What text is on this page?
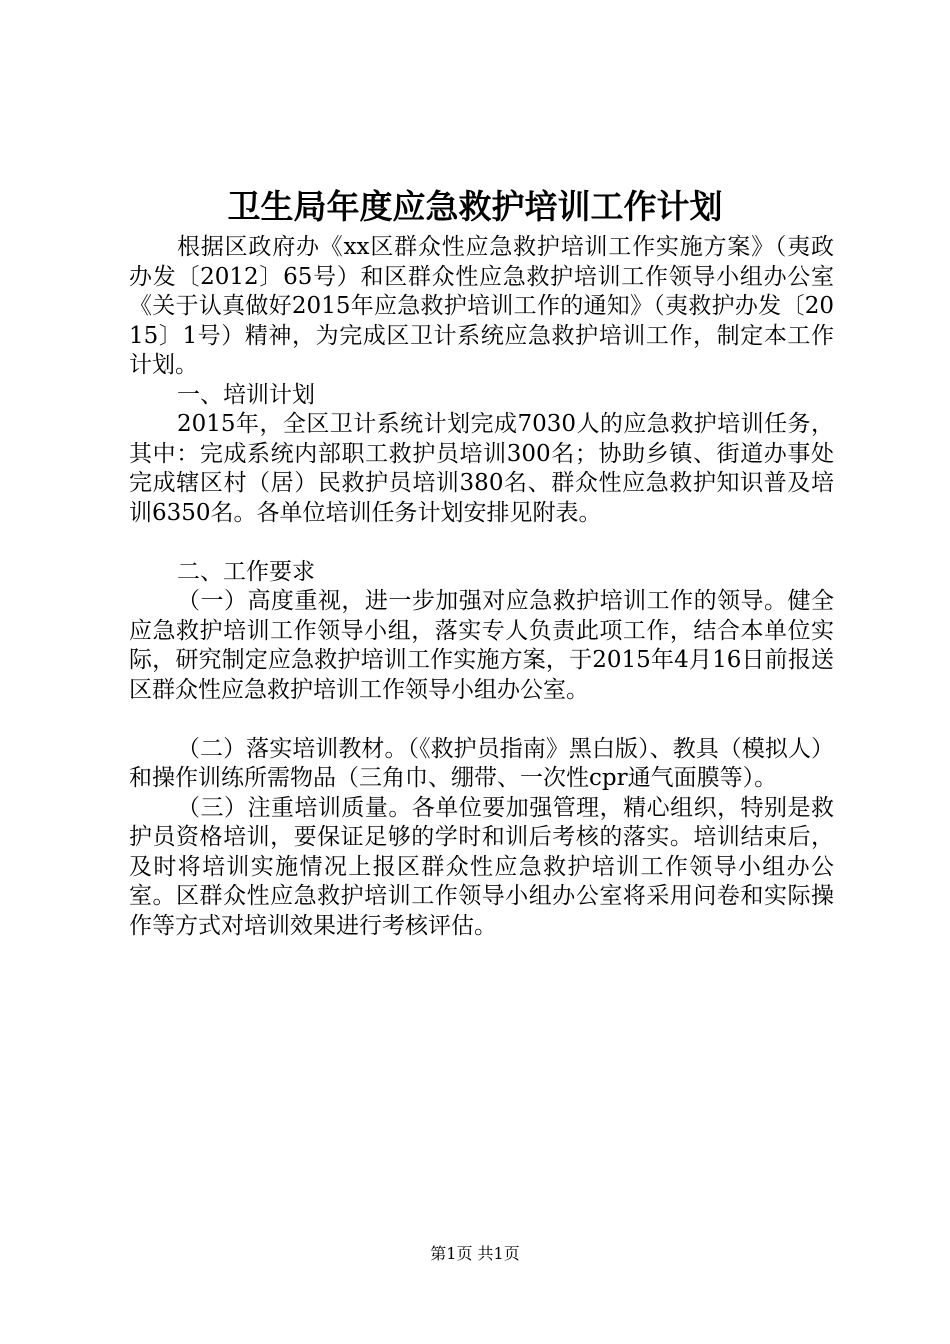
卫生局年度应急救护培训工作计划

根据区政府办《xx区群众性应急救护培训工作实施方案》（夷政办发〔2012〕65号）和区群众性应急救护培训工作领导小组办公室《关于认真做好2015年应急救护培训工作的通知》（夷救护办发〔2015〕1号）精神，为完成区卫计系统应急救护培训工作，制定本工作计划。

一、培训计划

2015年，全区卫计系统计划完成7030人的应急救护培训任务，其中：完成系统内部职工救护员培训300名；协助乡镇、街道办事处完成辖区村（居）民救护员培训380名、群众性应急救护知识普及培训6350名。各单位培训任务计划安排见附表。

二、工作要求

（一）高度重视，进一步加强对应急救护培训工作的领导。健全应急救护培训工作领导小组，落实专人负责此项工作，结合本单位实际，研究制定应急救护培训工作实施方案，于2015年4月16日前报送区群众性应急救护培训工作领导小组办公室。

（二）落实培训教材。（《救护员指南》黑白版）、教具（模拟人）和操作训练所需物品（三角巾、绷带、一次性cpr通气面膜等）。

（三）注重培训质量。各单位要加强管理，精心组织，特别是救护员资格培训，要保证足够的学时和训后考核的落实。培训结束后，及时将培训实施情况上报区群众性应急救护培训工作领导小组办公室。区群众性应急救护培训工作领导小组办公室将采用问卷和实际操作等方式对培训效果进行考核评估。

第1页 共1页
